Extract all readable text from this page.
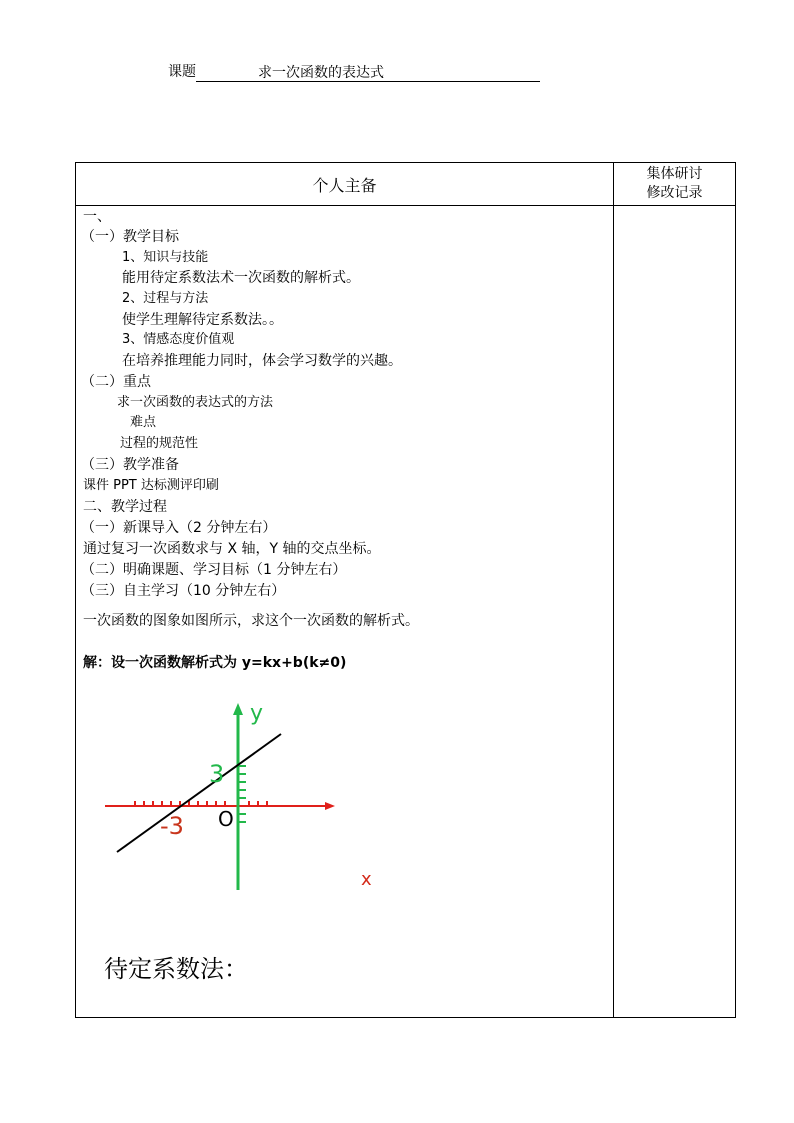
课题	求一次函数的表达式
个人主备
集体研讨
修改记录
一、
（一）教学目标
1、知识与技能
能用待定系数法术一次函数的解析式。
2、过程与方法
使学生理解待定系数法。。
3、情感态度价值观
在培养推理能力同时，体会学习数学的兴趣。
（二）重点
求一次函数的表达式的方法
难点
过程的规范性
（三）教学准备
课件 PPT 达标测评印刷
二、教学过程
（一）新课导入（2 分钟左右）
通过复习一次函数求与 X 轴，Y 轴的交点坐标。
（二）明确课题、学习目标（1 分钟左右）
（三）自主学习（10 分钟左右）
一次函数的图象如图所示，求这个一次函数的解析式。
解：设一次函数解析式为 y=kx+b(k≠0)
y
3
-3 O
x
待定系数法：
